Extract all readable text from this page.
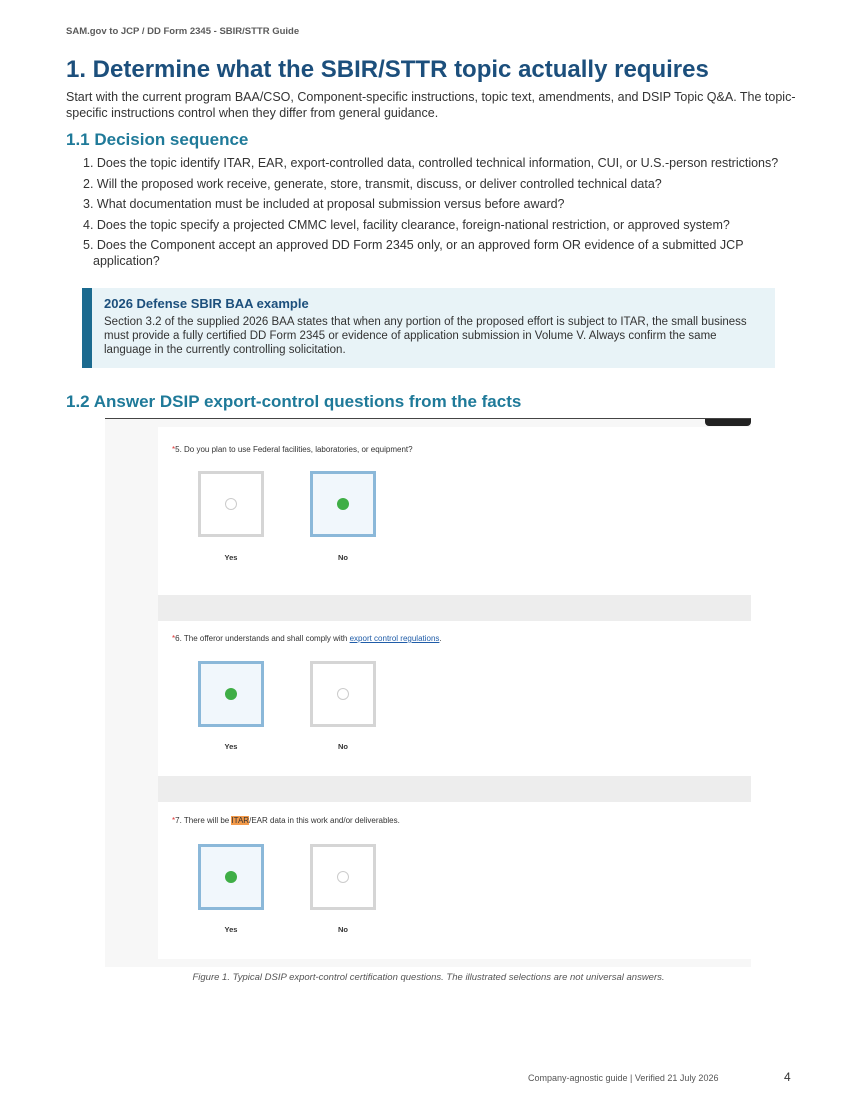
SAM.gov to JCP / DD Form 2345 - SBIR/STTR Guide
1. Determine what the SBIR/STTR topic actually requires

Start with the current program BAA/CSO, Component-specific instructions, topic text, amendments, and DSIP Topic Q&A. The topic-specific instructions control when they differ from general guidance.

1.1 Decision sequence
1. Does the topic identify ITAR, EAR, export-controlled data, controlled technical information, CUI, or U.S.-person restrictions?
2. Will the proposed work receive, generate, store, transmit, discuss, or deliver controlled technical data?
3. What documentation must be included at proposal submission versus before award?
4. Does the topic specify a projected CMMC level, facility clearance, foreign-national restriction, or approved system?
5. Does the Component accept an approved DD Form 2345 only, or an approved form OR evidence of a submitted JCP application?
2026 Defense SBIR BAA example
Section 3.2 of the supplied 2026 BAA states that when any portion of the proposed effort is subject to ITAR, the small business must provide a fully certified DD Form 2345 or evidence of application submission in Volume V. Always confirm the same language in the currently controlling solicitation.
1.2 Answer DSIP export-control questions from the facts
*5. Do you plan to use Federal facilities, laboratories, or equipment?
Yes	No
*6. The offeror understands and shall comply with export control regulations.
Yes	No
*7. There will be ITAR/EAR data in this work and/or deliverables.
Yes	No
Figure 1. Typical DSIP export-control certification questions. The illustrated selections are not universal answers.
Company-agnostic guide | Verified 21 July 2026	4
